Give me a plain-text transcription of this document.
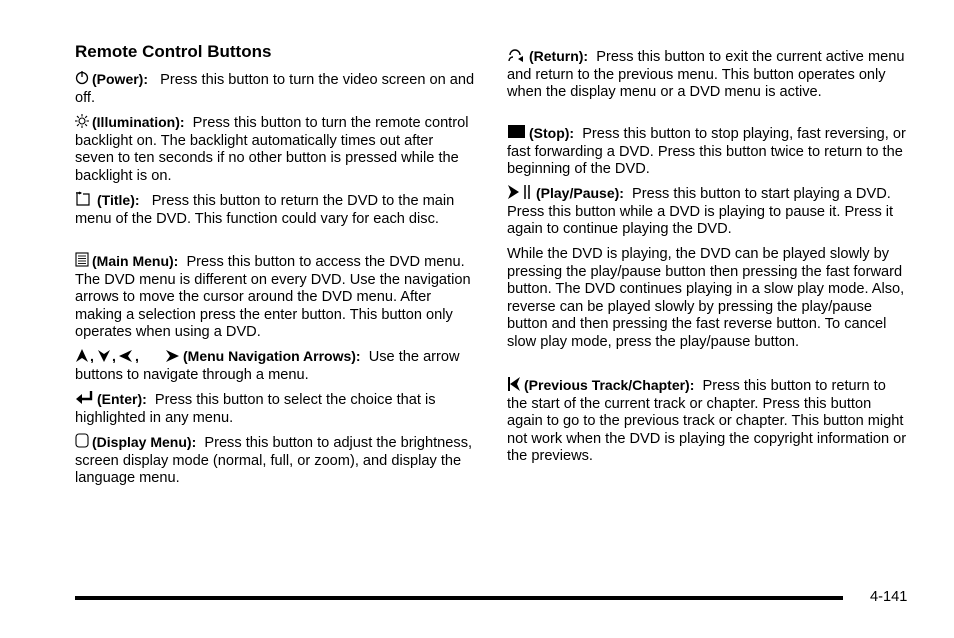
Remote Control Buttons
(Power): Press this button to turn the video screen on and off.
(Illumination): Press this button to turn the remote control backlight on. The backlight automatically times out after seven to ten seconds if no other button is pressed while the backlight is on.
(Title): Press this button to return the DVD to the main menu of the DVD. This function could vary for each disc.
(Main Menu): Press this button to access the DVD menu. The DVD menu is different on every DVD. Use the navigation arrows to move the cursor around the DVD menu. After making a selection press the enter button. This button only operates when using a DVD.
, , ,	(Menu Navigation Arrows): Use the arrow buttons to navigate through a menu.
(Enter): Press this button to select the choice that is highlighted in any menu.
(Display Menu): Press this button to adjust the brightness, screen display mode (normal, full, or zoom), and display the language menu.
(Return): Press this button to exit the current active menu and return to the previous menu. This button operates only when the display menu or a DVD menu is active.
(Stop): Press this button to stop playing, fast reversing, or fast forwarding a DVD. Press this button twice to return to the beginning of the DVD.
(Play/Pause): Press this button to start playing a DVD. Press this button while a DVD is playing to pause it. Press it again to continue playing the DVD.
While the DVD is playing, the DVD can be played slowly by pressing the play/pause button then pressing the fast forward button. The DVD continues playing in a slow play mode. Also, reverse can be played slowly by pressing the play/pause button and then pressing the fast reverse button. To cancel slow play mode, press the play/pause button.
(Previous Track/Chapter): Press this button to return to the start of the current track or chapter. Press this button again to go to the previous track or chapter. This button might not work when the DVD is playing the copyright information or the previews.
4-141
